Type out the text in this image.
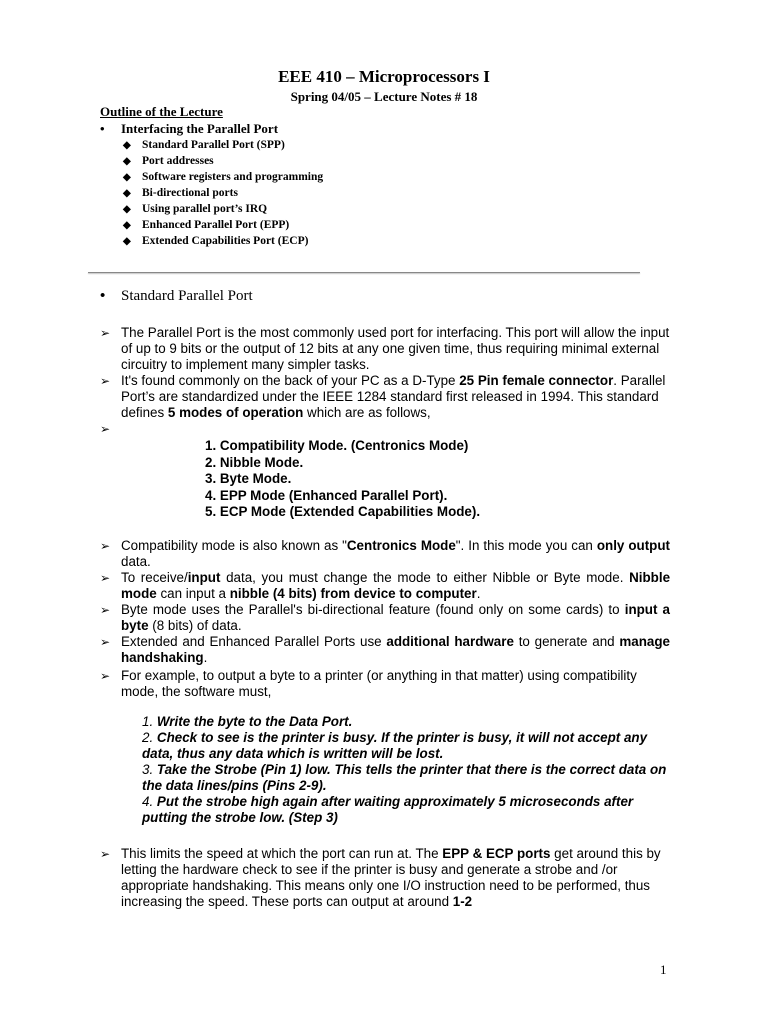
EEE 410 – Microprocessors I
Spring 04/05 – Lecture Notes # 18
Outline of the Lecture
• Interfacing the Parallel Port
◆ Standard Parallel Port (SPP)
◆ Port addresses
◆ Software registers and programming
◆ Bi-directional ports
◆ Using parallel port’s IRQ
◆ Enhanced Parallel Port (EPP)
◆ Extended Capabilities Port (ECP)
• Standard Parallel Port
➢ The Parallel Port is the most commonly used port for interfacing. This port will allow the input of up to 9 bits or the output of 12 bits at any one given time, thus requiring minimal external circuitry to implement many simpler tasks.
➢ It's found commonly on the back of your PC as a D-Type 25 Pin female connector. Parallel Port’s are standardized under the IEEE 1284 standard first released in 1994. This standard defines 5 modes of operation which are as follows,
➢
1. Compatibility Mode. (Centronics Mode)
2. Nibble Mode.
3. Byte Mode.
4. EPP Mode (Enhanced Parallel Port).
5. ECP Mode (Extended Capabilities Mode).
➢ Compatibility mode is also known as "Centronics Mode". In this mode you can only output data.
➢ To receive/input data, you must change the mode to either Nibble or Byte mode. Nibble mode can input a nibble (4 bits) from device to computer.
➢ Byte mode uses the Parallel's bi-directional feature (found only on some cards) to input a byte (8 bits) of data.
➢ Extended and Enhanced Parallel Ports use additional hardware to generate and manage handshaking.
➢ For example, to output a byte to a printer (or anything in that matter) using compatibility mode, the software must,

1. Write the byte to the Data Port.

2. Check to see is the printer is busy. If the printer is busy, it will not accept any data, thus any data which is written will be lost.

3. Take the Strobe (Pin 1) low. This tells the printer that there is the correct data on the data lines/pins (Pins 2-9).

4. Put the strobe high again after waiting approximately 5 microseconds after putting the strobe low. (Step 3)

➢ This limits the speed at which the port can run at. The EPP & ECP ports get around this by letting the hardware check to see if the printer is busy and generate a strobe and /or appropriate handshaking. This means only one I/O instruction need to be performed, thus increasing the speed. These ports can output at around 1-2
1
